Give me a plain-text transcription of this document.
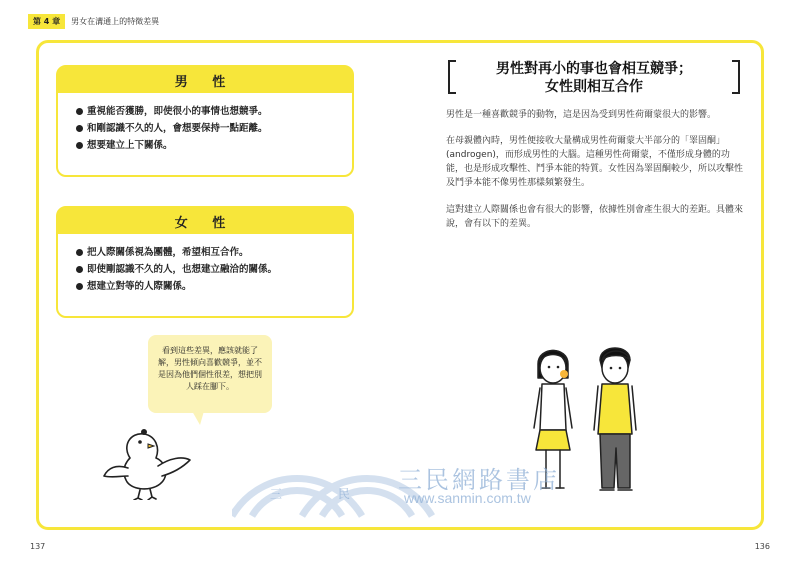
第 4 章	男女在溝通上的特徵差異
男 性
重視能否獲勝，即使很小的事情也想競爭。
和剛認識不久的人，會想要保持一點距離。
想要建立上下關係。
女 性
把人際關係視為團體，希望相互合作。
即使剛認識不久的人，也想建立融洽的關係。
想建立對等的人際關係。
看到這些差異，應該就能了解，男性傾向喜歡競爭，並不是因為他們個性很差，想把別人踩在腳下。
男性對再小的事也會相互競爭；
女性則相互合作

男性是一種喜歡競爭的動物，這是因為受到男性荷爾蒙很大的影響。

在母親體內時，男性便接收大量構成男性荷爾蒙大半部分的「睪固酮」(androgen)，而形成男性的大腦。這種男性荷爾蒙，不僅形成身體的功能，也是形成攻擊性、鬥爭本能的特質。女性因為睪固酮較少，所以攻擊性及鬥爭本能不像男性那樣頻繁發生。

這對建立人際關係也會有很大的影響，依據性別會產生很大的差距。具體來說，會有以下的差異。

三	民 三民網路書店
www.sanmin.com.tw
137	136
